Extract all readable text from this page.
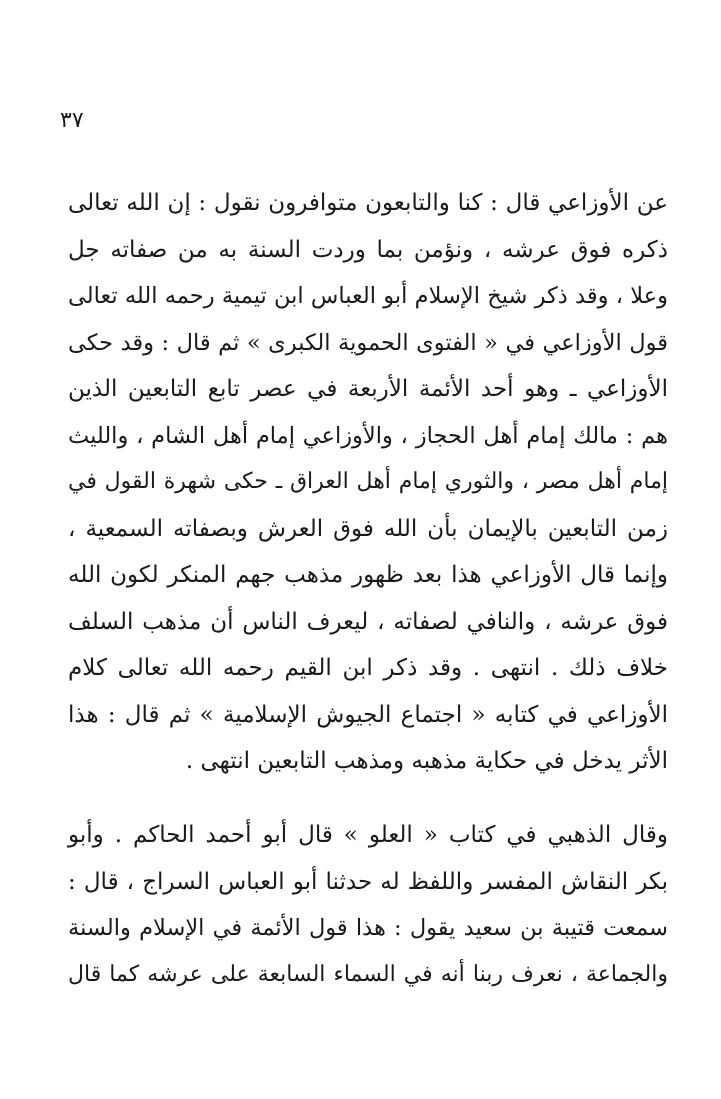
٣٧
عن الأوزاعي قال : كنا والتابعون متوافرون نقول : إن الله تعالى
ذكره فوق عرشه ، ونؤمن بما وردت السنة به من صفاته جل
وعلا ، وقد ذكر شيخ الإسلام أبو العباس ابن تيمية رحمه الله تعالى
قول الأوزاعي في « الفتوى الحموية الكبرى » ثم قال : وقد حكى
الأوزاعي ـ وهو أحد الأئمة الأربعة في عصر تابع التابعين الذين
هم : مالك إمام أهل الحجاز ، والأوزاعي إمام أهل الشام ، والليث
إمام أهل مصر ، والثوري إمام أهل العراق ـ حكى شهرة القول في
زمن التابعين بالإيمان بأن الله فوق العرش وبصفاته السمعية ،
وإنما قال الأوزاعي هذا بعد ظهور مذهب جهم المنكر لكون الله
فوق عرشه ، والنافي لصفاته ، ليعرف الناس أن مذهب السلف
خلاف ذلك . انتهى . وقد ذكر ابن القيم رحمه الله تعالى كلام
الأوزاعي في كتابه « اجتماع الجيوش الإسلامية » ثم قال : هذا
الأثر يدخل في حكاية مذهبه ومذهب التابعين انتهى .
وقال الذهبي في كتاب « العلو » قال أبو أحمد الحاكم . وأبو
بكر النقاش المفسر واللفظ له حدثنا أبو العباس السراج ، قال :
سمعت قتيبة بن سعيد يقول : هذا قول الأئمة في الإسلام والسنة
والجماعة ، نعرف ربنا أنه في السماء السابعة على عرشه كما قال
